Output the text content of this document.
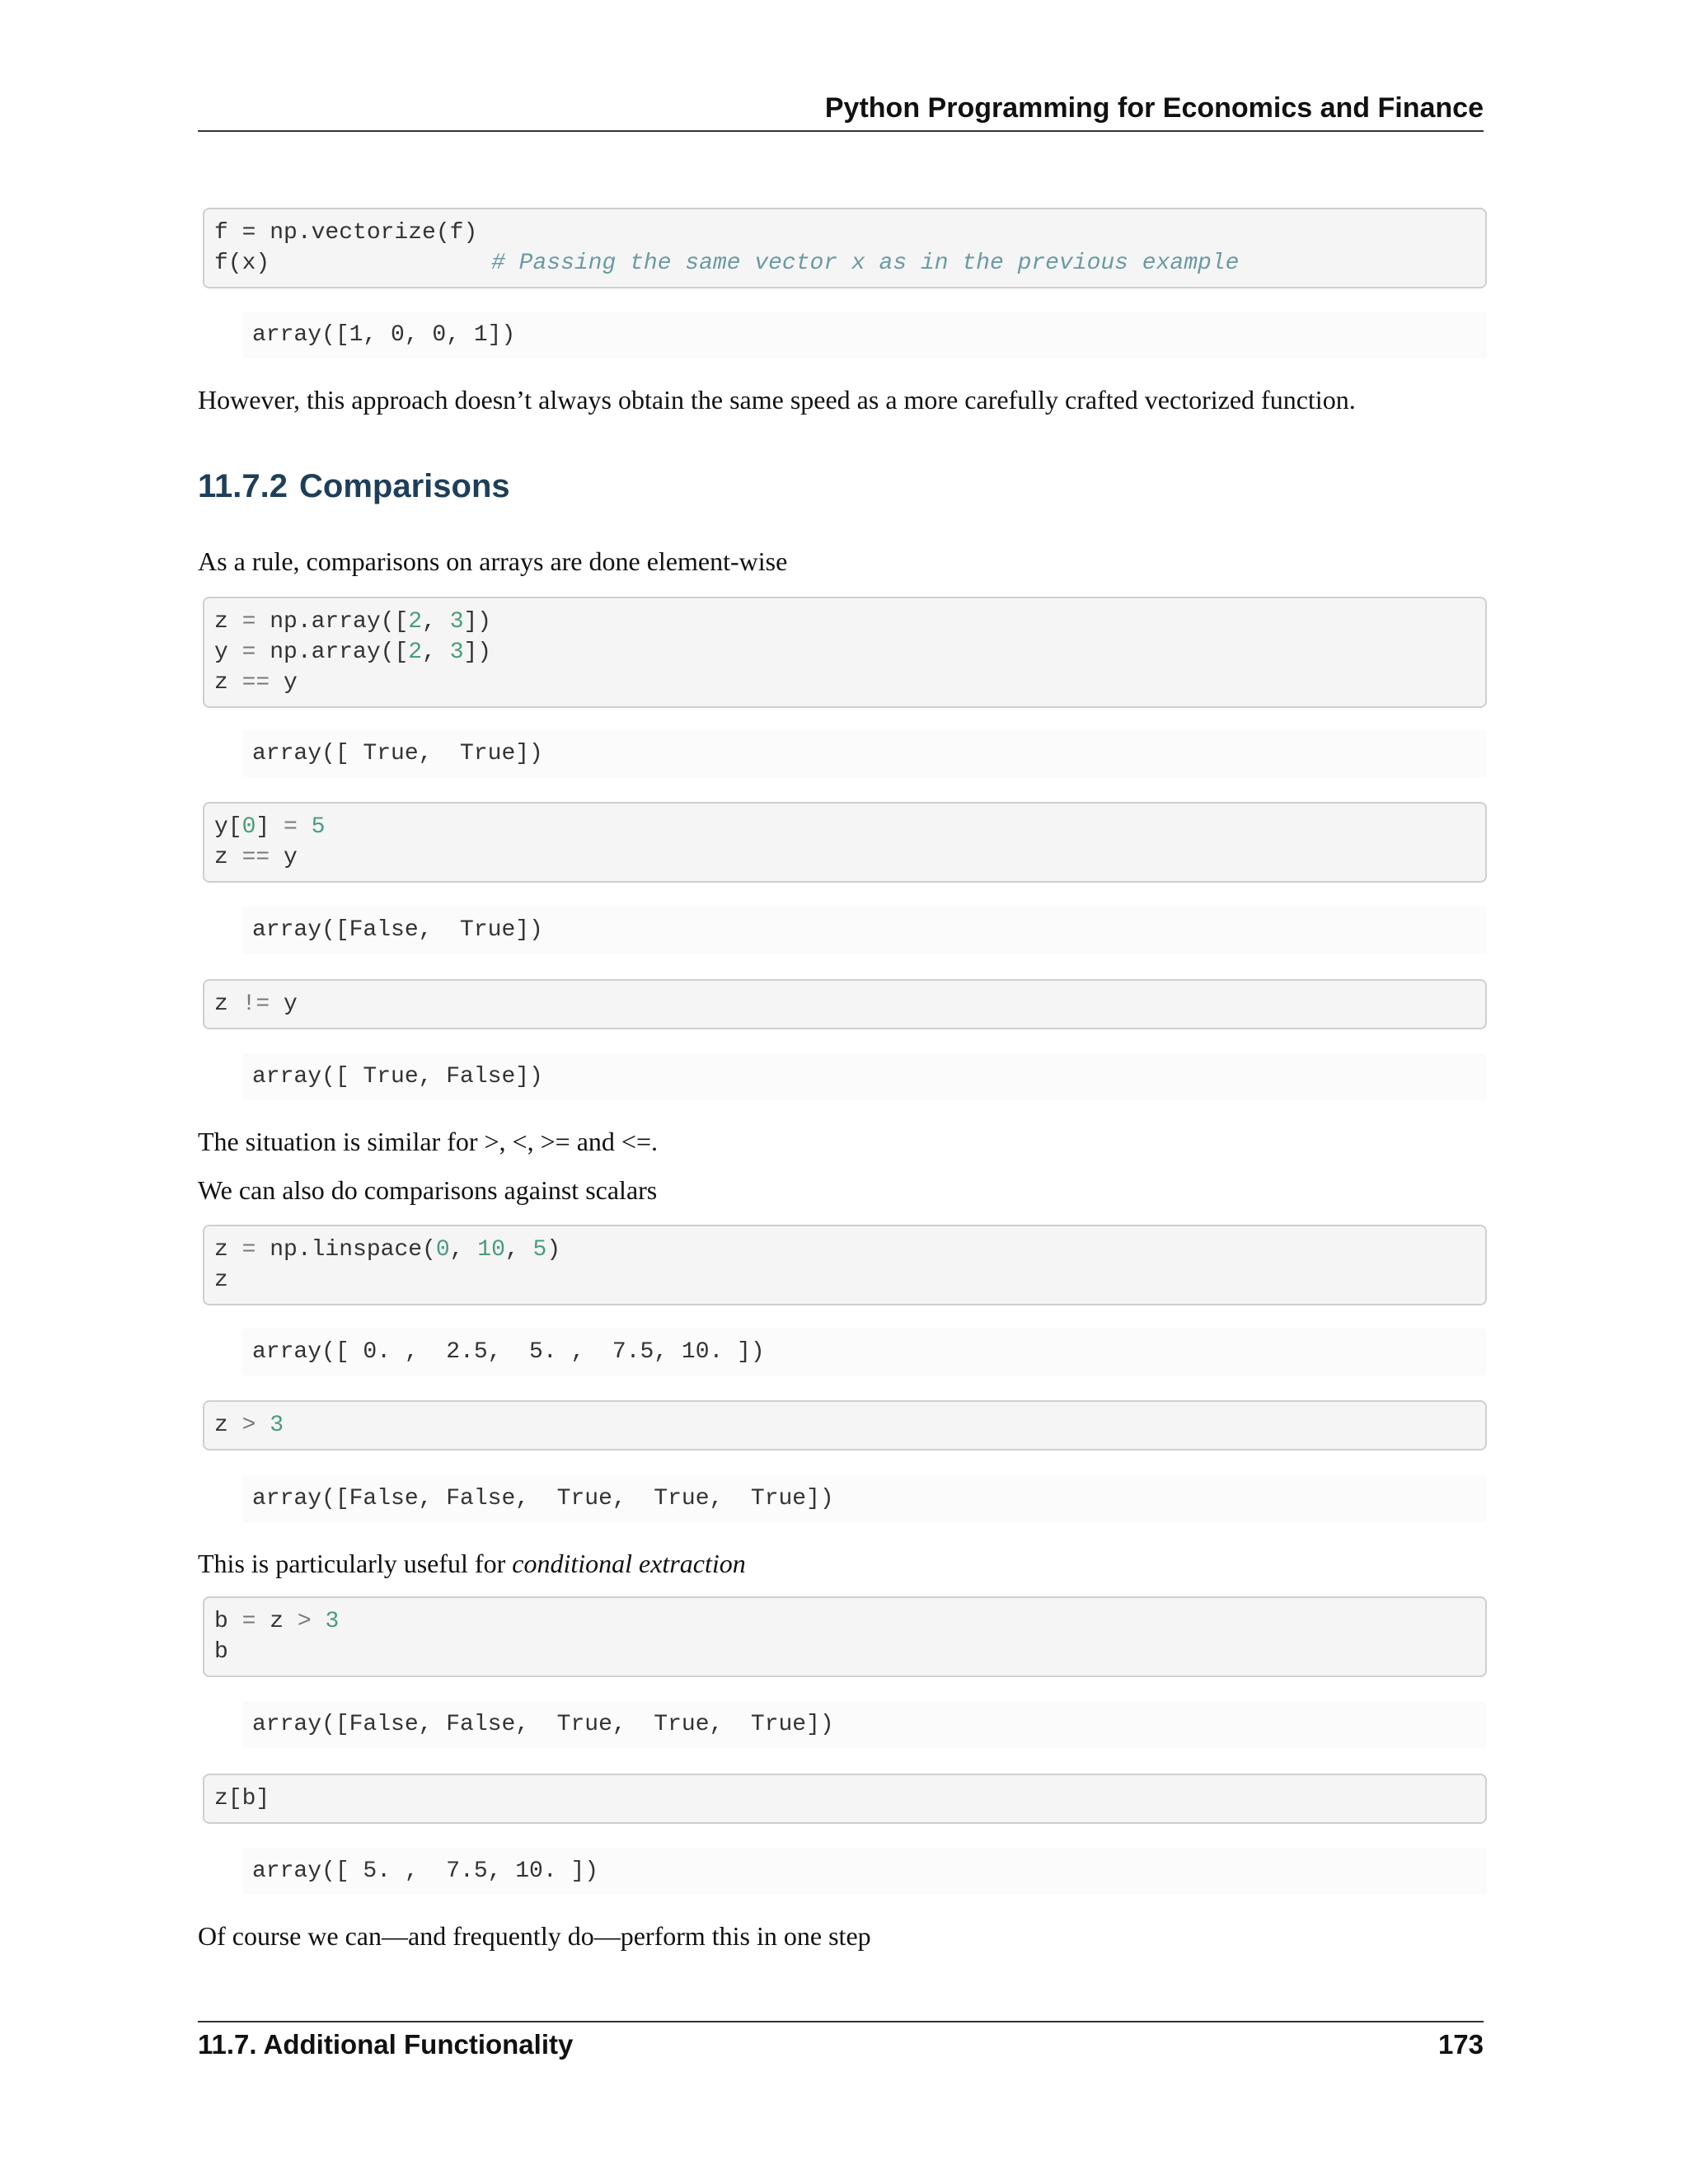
Python Programming for Economics and Finance
f = np.vectorize(f)
f(x)	# Passing the same vector x as in the previous example
array([1, 0, 0, 1])
However, this approach doesn’t always obtain the same speed as a more carefully crafted vectorized function.
11.7.2 Comparisons
As a rule, comparisons on arrays are done element-wise
z = np.array([2, 3])
y = np.array([2, 3])
z == y
array([ True,  True])
y[0] = 5
z == y
array([False,  True])
z != y
array([ True, False])
The situation is similar for >, <, >= and <=.
We can also do comparisons against scalars
z = np.linspace(0, 10, 5)
z
array([ 0. ,  2.5,  5. ,  7.5, 10. ])
z > 3
array([False, False,  True,  True,  True])
This is particularly useful for conditional extraction
b = z > 3
b
array([False, False,  True,  True,  True])
z[b]
array([ 5. ,  7.5, 10. ])
Of course we can—and frequently do—perform this in one step
11.7. Additional Functionality	173
